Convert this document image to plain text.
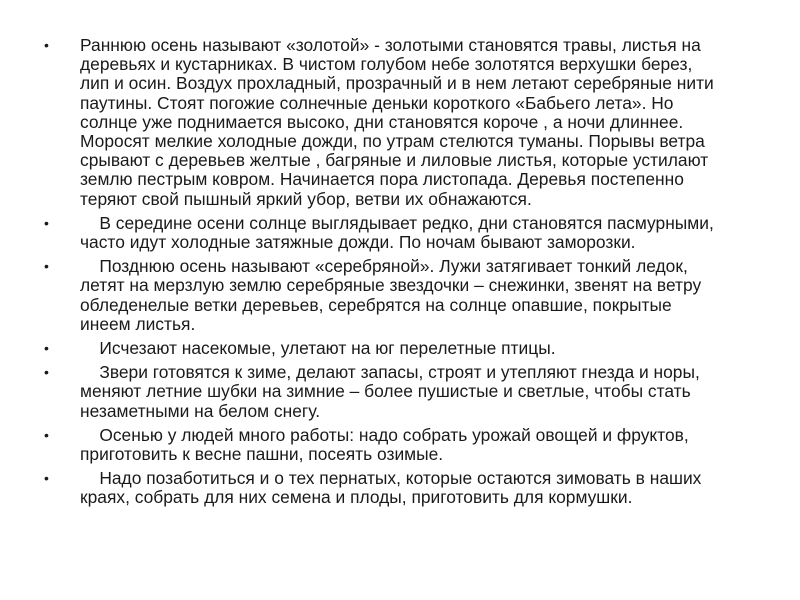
• Раннюю осень называют «золотой» - золотыми становятся травы, листья на деревьях и кустарниках. В чистом голубом небе золотятся верхушки берез, лип и осин. Воздух прохладный, прозрачный и в нем летают серебряные нити паутины. Стоят погожие солнечные деньки короткого «Бабьего лета». Но солнце уже поднимается высоко, дни становятся короче , а ночи длиннее. Моросят мелкие холодные дожди, по утрам стелются туманы. Порывы ветра срывают с деревьев желтые , багряные и лиловые листья, которые устилают землю пестрым ковром. Начинается пора листопада. Деревья постепенно теряют свой пышный яркий убор, ветви их обнажаются.
• В середине осени солнце выглядывает редко, дни становятся пасмурными, часто идут холодные затяжные дожди. По ночам бывают заморозки.
• Позднюю осень называют «серебряной». Лужи затягивает тонкий ледок, летят на мерзлую землю серебряные звездочки – снежинки, звенят на ветру обледенелые ветки деревьев, серебрятся на солнце опавшие, покрытые инеем листья.
• Исчезают насекомые, улетают на юг перелетные птицы.
• Звери готовятся к зиме, делают запасы, строят и утепляют гнезда и норы, меняют летние шубки на зимние – более пушистые и светлые, чтобы стать незаметными на белом снегу.
• Осенью у людей много работы: надо собрать урожай овощей и фруктов, приготовить к весне пашни, посеять озимые.
• Надо позаботиться и о тех пернатых, которые остаются зимовать в наших краях, собрать для них семена и плоды, приготовить для кормушки.
